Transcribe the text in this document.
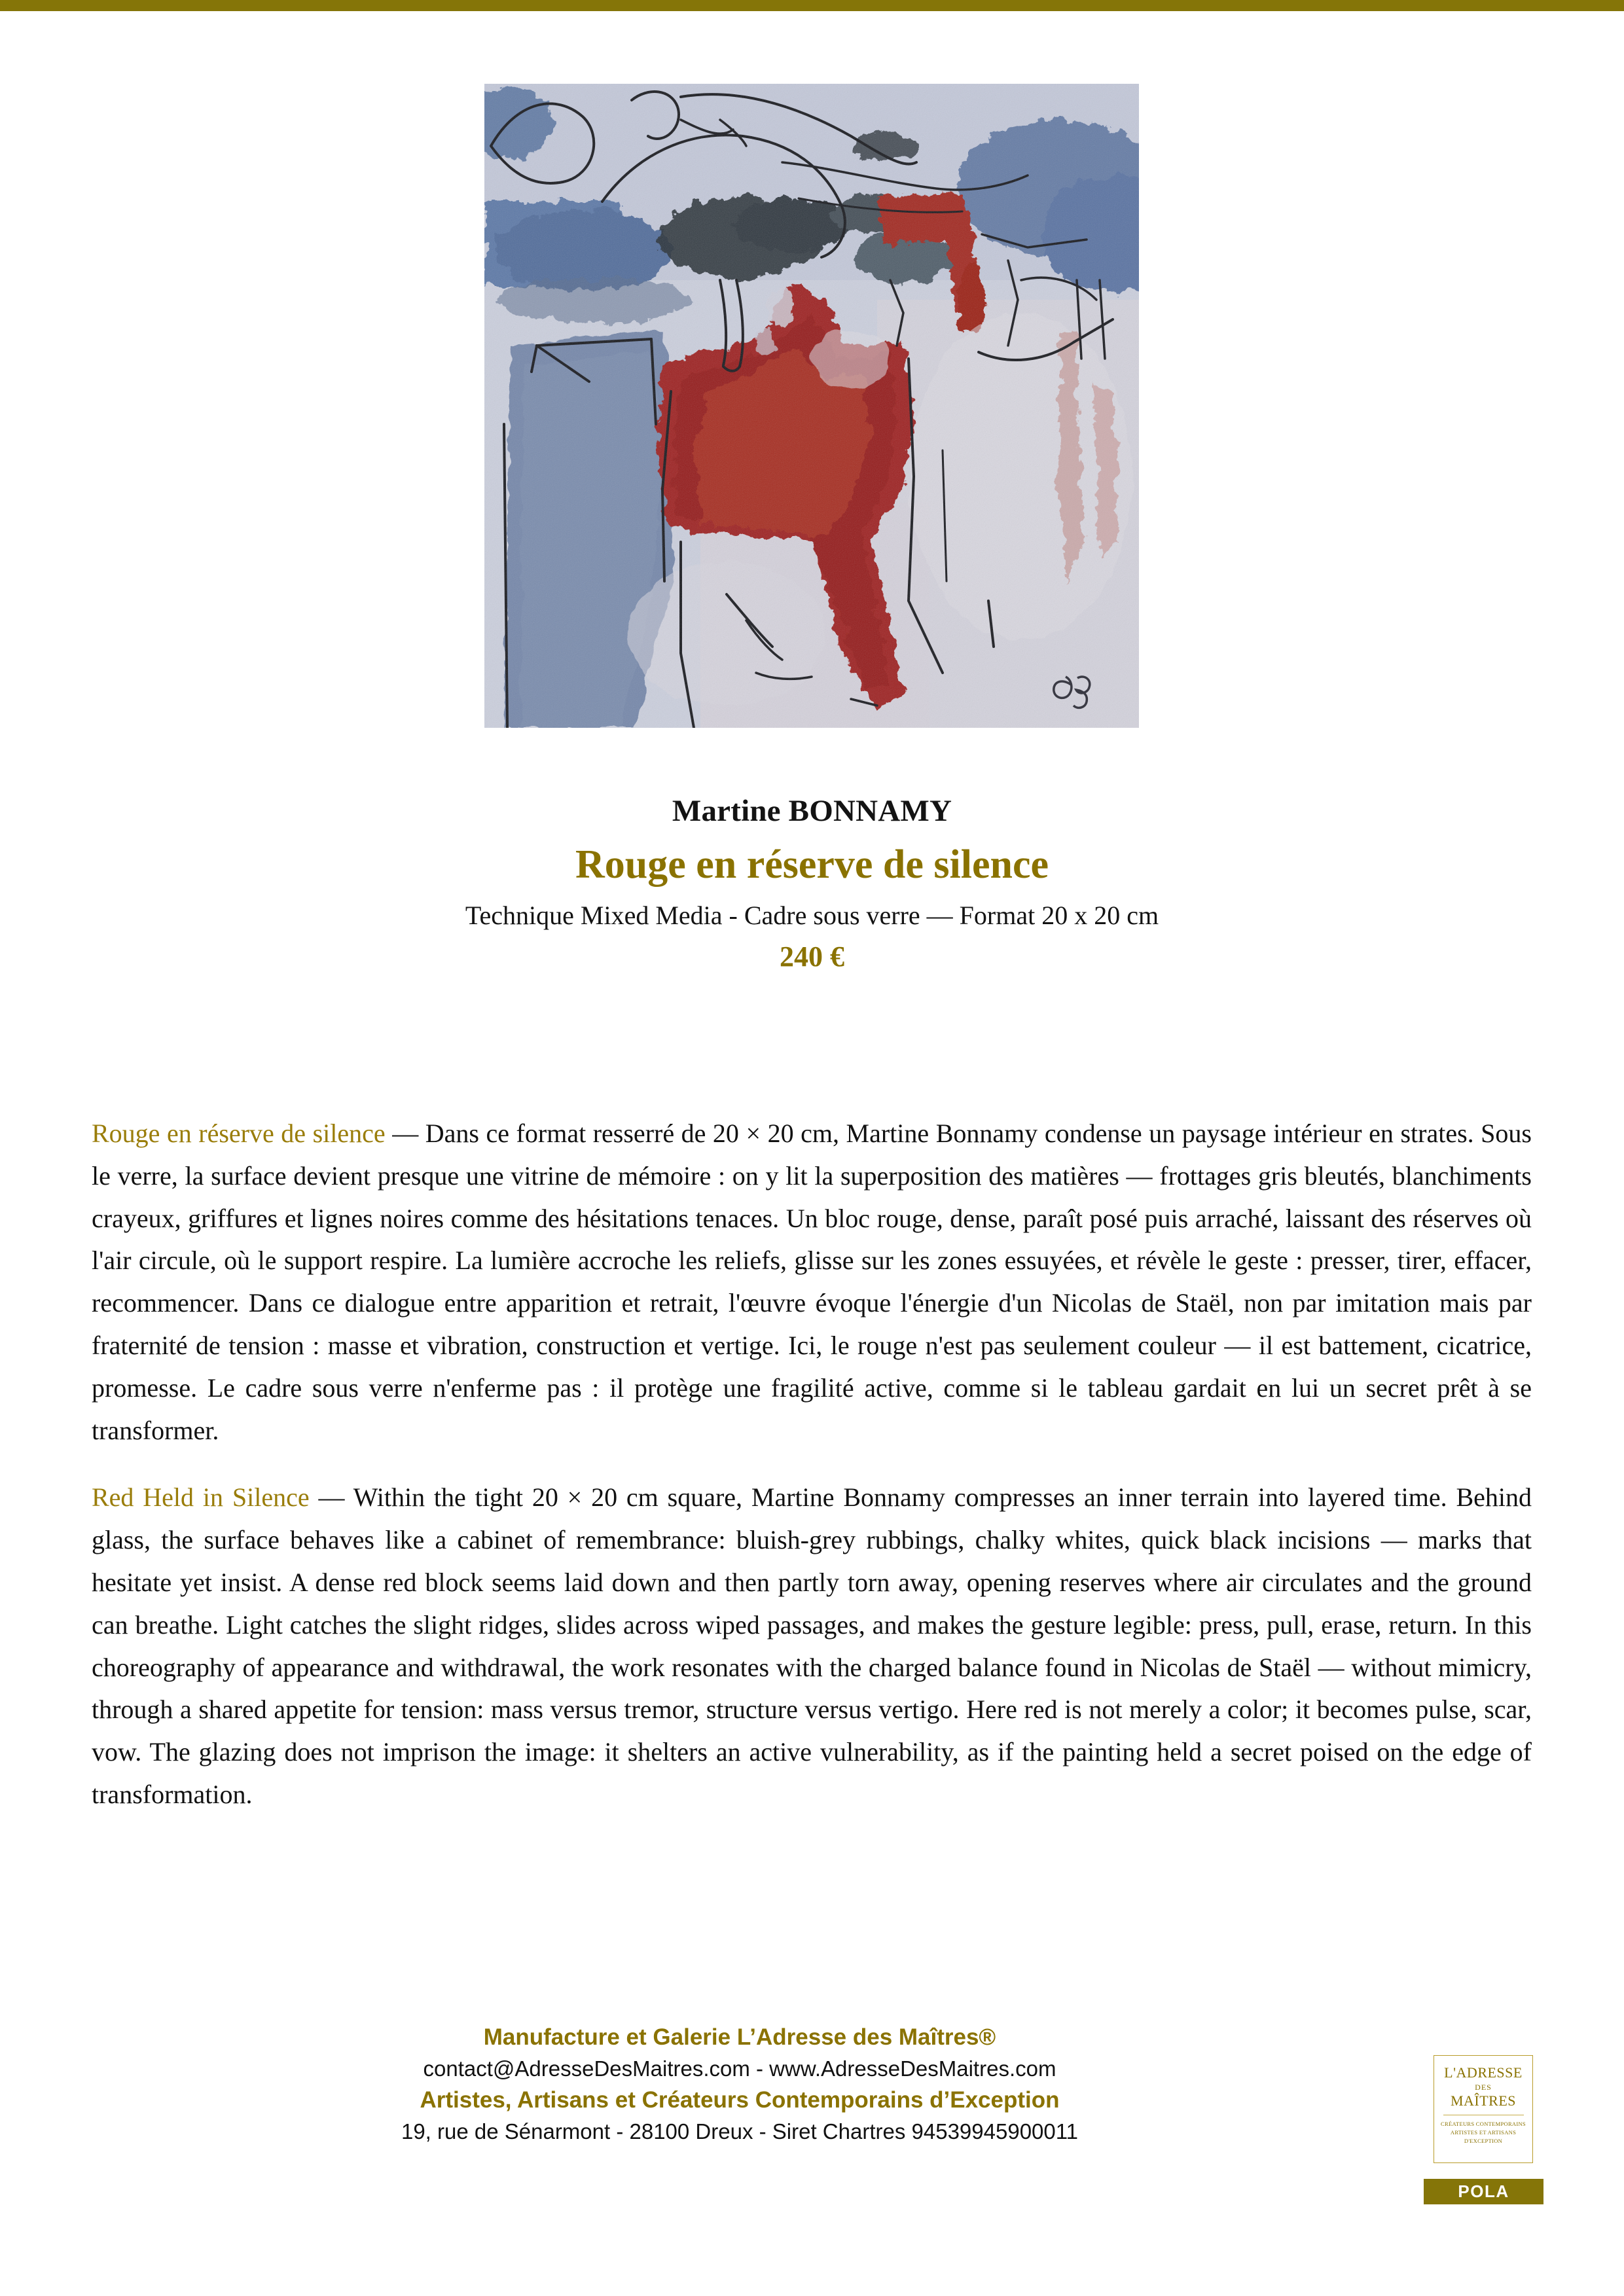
Martine BONNAMY
Rouge en réserve de silence
Technique Mixed Media - Cadre sous verre — Format 20 x 20 cm
240 €

Rouge en réserve de silence — Dans ce format resserré de 20 × 20 cm, Martine Bonnamy condense un paysage intérieur en strates. Sous le verre, la surface devient presque une vitrine de mémoire : on y lit la superposition des matières — frottages gris bleutés, blanchiments crayeux, griffures et lignes noires comme des hésitations tenaces. Un bloc rouge, dense, paraît posé puis arraché, laissant des réserves où l'air circule, où le support respire. La lumière accroche les reliefs, glisse sur les zones essuyées, et révèle le geste : presser, tirer, effacer, recommencer. Dans ce dialogue entre apparition et retrait, l'œuvre évoque l'énergie d'un Nicolas de Staël, non par imitation mais par fraternité de tension : masse et vibration, construction et vertige. Ici, le rouge n'est pas seulement couleur — il est battement, cicatrice, promesse. Le cadre sous verre n'enferme pas : il protège une fragilité active, comme si le tableau gardait en lui un secret prêt à se transformer.

Red Held in Silence — Within the tight 20 × 20 cm square, Martine Bonnamy compresses an inner terrain into layered time. Behind glass, the surface behaves like a cabinet of remembrance: bluish-grey rubbings, chalky whites, quick black incisions — marks that hesitate yet insist. A dense red block seems laid down and then partly torn away, opening reserves where air circulates and the ground can breathe. Light catches the slight ridges, slides across wiped passages, and makes the gesture legible: press, pull, erase, return. In this choreography of appearance and withdrawal, the work resonates with the charged balance found in Nicolas de Staël — without mimicry, through a shared appetite for tension: mass versus tremor, structure versus vertigo. Here red is not merely a color; it becomes pulse, scar, vow. The glazing does not imprison the image: it shelters an active vulnerability, as if the painting held a secret poised on the edge of transformation.

Manufacture et Galerie L’Adresse des Maîtres®
contact@AdresseDesMaitres.com - www.AdresseDesMaitres.com
Artistes, Artisans et Créateurs Contemporains d’Exception
19, rue de Sénarmont - 28100 Dreux - Siret Chartres 94539945900011
L'ADRESSE
DES
MAÎTRES
CRÉATEURS CONTEMPORAINS
ARTISTES ET ARTISANS
D'EXCEPTION
POLA
